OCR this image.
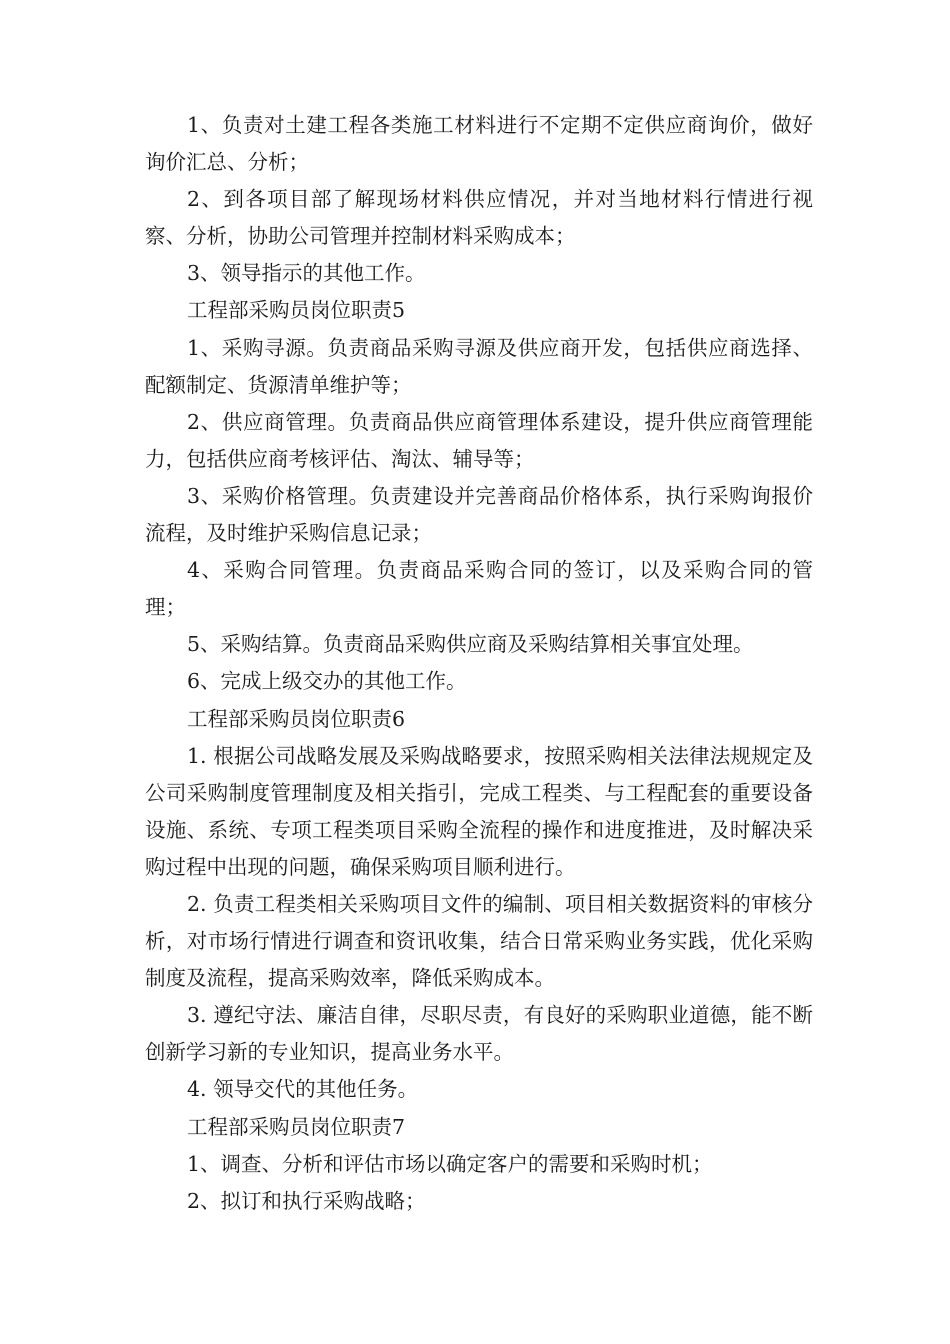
1、负责对土建工程各类施工材料进行不定期不定供应商询价，做好询价汇总、分析；

2、到各项目部了解现场材料供应情况，并对当地材料行情进行视察、分析，协助公司管理并控制材料采购成本；

3、领导指示的其他工作。

工程部采购员岗位职责5

1、采购寻源。负责商品采购寻源及供应商开发，包括供应商选择、配额制定、货源清单维护等；

2、供应商管理。负责商品供应商管理体系建设，提升供应商管理能力，包括供应商考核评估、淘汰、辅导等；

3、采购价格管理。负责建设并完善商品价格体系，执行采购询报价流程，及时维护采购信息记录；

4、采购合同管理。负责商品采购合同的签订，以及采购合同的管理；

5、采购结算。负责商品采购供应商及采购结算相关事宜处理。

6、完成上级交办的其他工作。

工程部采购员岗位职责6

1. 根据公司战略发展及采购战略要求，按照采购相关法律法规规定及公司采购制度管理制度及相关指引，完成工程类、与工程配套的重要设备设施、系统、专项工程类项目采购全流程的操作和进度推进，及时解决采购过程中出现的问题，确保采购项目顺利进行。

2. 负责工程类相关采购项目文件的编制、项目相关数据资料的审核分析，对市场行情进行调查和资讯收集，结合日常采购业务实践，优化采购制度及流程，提高采购效率，降低采购成本。

3. 遵纪守法、廉洁自律，尽职尽责，有良好的采购职业道德，能不断创新学习新的专业知识，提高业务水平。

4. 领导交代的其他任务。

工程部采购员岗位职责7

1、调查、分析和评估市场以确定客户的需要和采购时机；

2、拟订和执行采购战略；
